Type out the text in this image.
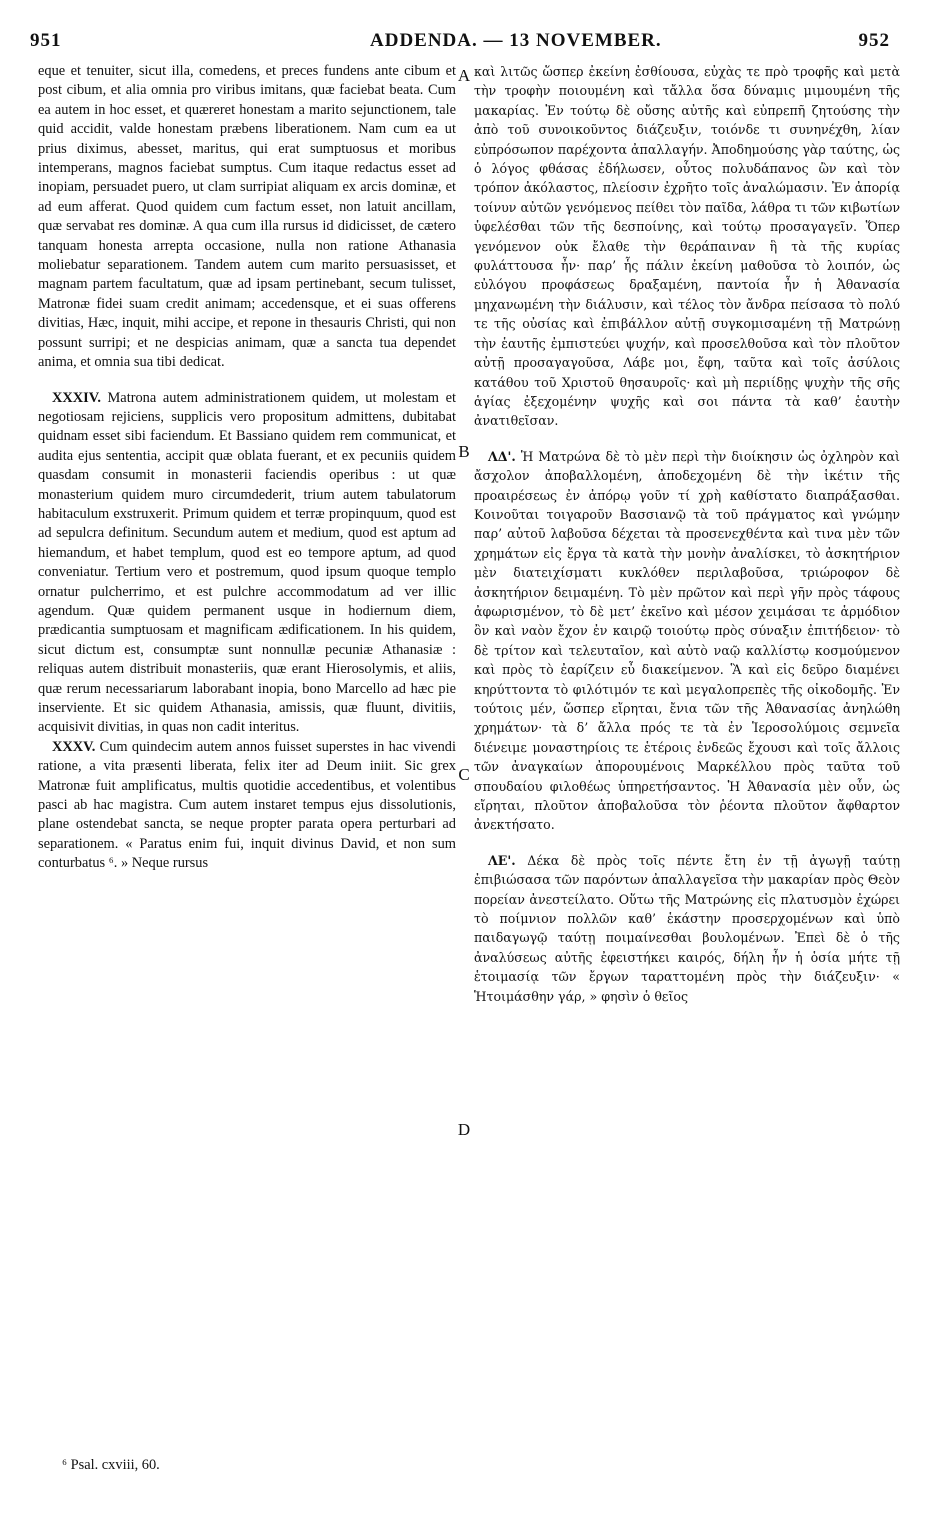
951	ADDENDA. — 13 NOVEMBER.	952

eque et tenuiter, sicut illa, comedens, et preces fundens ante cibum et post cibum, et alia omnia pro viribus imitans, quæ faciebat beata. Cum ea autem in hoc esset, et quæreret honestam a marito sejunctionem, tale quid accidit, valde honestam præbens liberationem. Nam cum ea ut prius diximus, abesset, maritus, qui erat sumptuosus et moribus intemperans, magnos faciebat sumptus. Cum itaque redactus esset ad inopiam, persuadet puero, ut clam surripiat aliquam ex arcis dominæ, et ad eum afferat. Quod quidem cum factum esset, non latuit ancillam, quæ servabat res dominæ. A qua cum illa rursus id didicisset, de cætero tanquam honesta arrepta occasione, nulla non ratione Athanasia moliebatur separationem. Tandem autem cum marito persuasisset, et magnam partem facultatum, quæ ad ipsam pertinebant, secum tulisset, Matronæ fidei suam credit animam; accedensque, et ei suas offerens divitias, Hæc, inquit, mihi accipe, et repone in thesauris Christi, qui non possunt surripi; et ne despicias animam, quæ a sancta tua dependet anima, et omnia sua tibi dedicat.

XXXIV. Matrona autem administrationem quidem, ut molestam et negotiosam rejiciens, supplicis vero propositum admittens, dubitabat quidnam esset sibi faciendum. Et Bassiano quidem rem communicat, et audita ejus sententia, accipit quæ oblata fuerant, et ex pecuniis quidem quasdam consumit in monasterii faciendis operibus : ut quæ monasterium quidem muro circumdederit, trium autem tabulatorum habitaculum exstruxerit. Primum quidem et terræ propinquum, quod est ad sepulcra definitum. Secundum autem et medium, quod est aptum ad hiemandum, et habet templum, quod est eo tempore aptum, ad quod conveniatur. Tertium vero et postremum, quod ipsum quoque templo ornatur pulcherrimo, et est pulchre accommodatum ad ver illic agendum. Quæ quidem permanent usque in hodiernum diem, prædicantia sumptuosam et magnificam ædificationem. In his quidem, sicut dictum est, consumptæ sunt nonnullæ pecuniæ Athanasiæ : reliquas autem distribuit monasteriis, quæ erant Hierosolymis, et aliis, quæ rerum necessariarum laborabant inopia, bono Marcello ad hæc pie inserviente. Et sic quidem Athanasia, amissis, quæ fluunt, divitiis, acquisivit divitias, in quas non cadit interitus.

XXXV. Cum quindecim autem annos fuisset superstes in hac vivendi ratione, a vita præsenti liberata, felix iter ad Deum iniit. Sic grex Matronæ fuit amplificatus, multis quotidie accedentibus, et volentibus pasci ab hac magistra. Cum autem instaret tempus ejus dissolutionis, plane ostendebat sancta, se neque propter parata opera perturbari ad separationem. « Paratus enim fui, inquit divinus David, et non sum conturbatus ⁶. » Neque rursus

A
B
C
D

καὶ λιτῶς ὥσπερ ἐκείνη ἐσθίουσα, εὐχὰς τε πρὸ τροφῆς καὶ μετὰ τὴν τροφὴν ποιουμένη καὶ τἄλλα ὅσα δύναμις μιμουμένη τῆς μακαρίας. Ἐν τούτῳ δὲ οὔσης αὐτῆς καὶ εὐπρεπῆ ζητούσης τὴν ἀπὸ τοῦ συνοικοῦντος διάζευξιν, τοιόνδε τι συνηνέχθη, λίαν εὐπρόσωπον παρέχοντα ἀπαλλαγήν. Ἀποδημούσης γὰρ ταύτης, ὡς ὁ λόγος φθάσας ἐδήλωσεν, οὗτος πολυδάπανος ὢν καὶ τὸν τρόπον ἀκόλαστος, πλείοσιν ἐχρῆτο τοῖς ἀναλώμασιν. Ἐν ἀπορίᾳ τοίνυν αὐτῶν γενόμενος πείθει τὸν παῖδα, λάθρα τι τῶν κιβωτίων ὑφελέσθαι τῶν τῆς δεσποίνης, καὶ τούτῳ προσαγαγεῖν. Ὅπερ γενόμενον οὐκ ἔλαθε τὴν θεράπαιναν ἣ τὰ τῆς κυρίας φυλάττουσα ἦν· παρ’ ἧς πάλιν ἐκείνη μαθοῦσα τὸ λοιπόν, ὡς εὐλόγου προφάσεως δραξαμένη, παντοία ἦν ἡ Ἀθανασία μηχανωμένη τὴν διάλυσιν, καὶ τέλος τὸν ἄνδρα πείσασα τὸ πολύ τε τῆς οὐσίας καὶ ἐπιβάλλον αὐτῇ συγκομισαμένη τῇ Ματρώνῃ τὴν ἑαυτῆς ἐμπιστεύει ψυχήν, καὶ προσελθοῦσα καὶ τὸν πλοῦτον αὐτῇ προσαγαγοῦσα, Λάβε μοι, ἔφη, ταῦτα καὶ τοῖς ἀσύλοις κατάθου τοῦ Χριστοῦ θησαυροῖς· καὶ μὴ περιίδῃς ψυχὴν τῆς σῆς ἁγίας ἐξεχομένην ψυχῆς καὶ σοι πάντα τὰ καθ’ ἑαυτὴν ἀνατιθεῖσαν.

ΛΔ'. Ἡ Ματρώνα δὲ τὸ μὲν περὶ τὴν διοίκησιν ὡς ὀχληρὸν καὶ ἄσχολον ἀποβαλλομένη, ἀποδεχομένη δὲ τὴν ἱκέτιν τῆς προαιρέσεως ἐν ἀπόρῳ γοῦν τί χρὴ καθίστατο διαπράξασθαι. Κοινοῦται τοιγαροῦν Βασσιανῷ τὰ τοῦ πράγματος καὶ γνώμην παρ’ αὐτοῦ λαβοῦσα δέχεται τὰ προσενεχθέντα καὶ τινα μὲν τῶν χρημάτων εἰς ἔργα τὰ κατὰ τὴν μονὴν ἀναλίσκει, τὸ ἀσκητήριον μὲν διατειχίσματι κυκλόθεν περιλαβοῦσα, τριώροφον δὲ ἀσκητήριον δειμαμένη. Τὸ μὲν πρῶτον καὶ περὶ γῆν πρὸς τάφους ἀφωρισμένον, τὸ δὲ μετ’ ἐκεῖνο καὶ μέσον χειμάσαι τε ἁρμόδιον ὂν καὶ ναὸν ἔχον ἐν καιρῷ τοιούτῳ πρὸς σύναξιν ἐπιτήδειον· τὸ δὲ τρίτον καὶ τελευταῖον, καὶ αὐτὸ ναῷ καλλίστῳ κοσμούμενον καὶ πρὸς τὸ ἐαρίζειν εὖ διακείμενον. Ἃ καὶ εἰς δεῦρο διαμένει κηρύττοντα τὸ φιλότιμόν τε καὶ μεγαλοπρεπὲς τῆς οἰκοδομῆς. Ἐν τούτοις μέν, ὥσπερ εἴρηται, ἔνια τῶν τῆς Ἀθανασίας ἀνηλώθη χρημάτων· τὰ δ’ ἄλλα πρός τε τὰ ἐν Ἱεροσολύμοις σεμνεῖα διένειμε μοναστηρίοις τε ἑτέροις ἐνδεῶς ἔχουσι καὶ τοῖς ἄλλοις τῶν ἀναγκαίων ἀπορουμένοις Μαρκέλλου πρὸς ταῦτα τοῦ σπουδαίου φιλοθέως ὑπηρετήσαντος. Ἡ Ἀθανασία μὲν οὖν, ὡς εἴρηται, πλοῦτον ἀποβαλοῦσα τὸν ῥέοντα πλοῦτον ἄφθαρτον ἀνεκτήσατο.

ΛΕ'. Δέκα δὲ πρὸς τοῖς πέντε ἔτη ἐν τῇ ἀγωγῇ ταύτῃ ἐπιβιώσασα τῶν παρόντων ἀπαλλαγεῖσα τὴν μακαρίαν πρὸς Θεὸν πορείαν ἀνεστείλατο. Οὕτω τῆς Ματρώνης εἰς πλατυσμὸν ἐχώρει τὸ ποίμνιον πολλῶν καθ’ ἑκάστην προσερχομένων καὶ ὑπὸ παιδαγωγῷ ταύτῃ ποιμαίνεσθαι βουλομένων. Ἐπεὶ δὲ ὁ τῆς ἀναλύσεως αὐτῆς ἐφειστήκει καιρός, δήλη ἦν ἡ ὁσία μήτε τῇ ἑτοιμασίᾳ τῶν ἔργων ταραττομένη πρὸς τὴν διάζευξιν· « Ἡτοιμάσθην γάρ, » φησὶν ὁ θεῖος

⁶ Psal. cxviii, 60.
